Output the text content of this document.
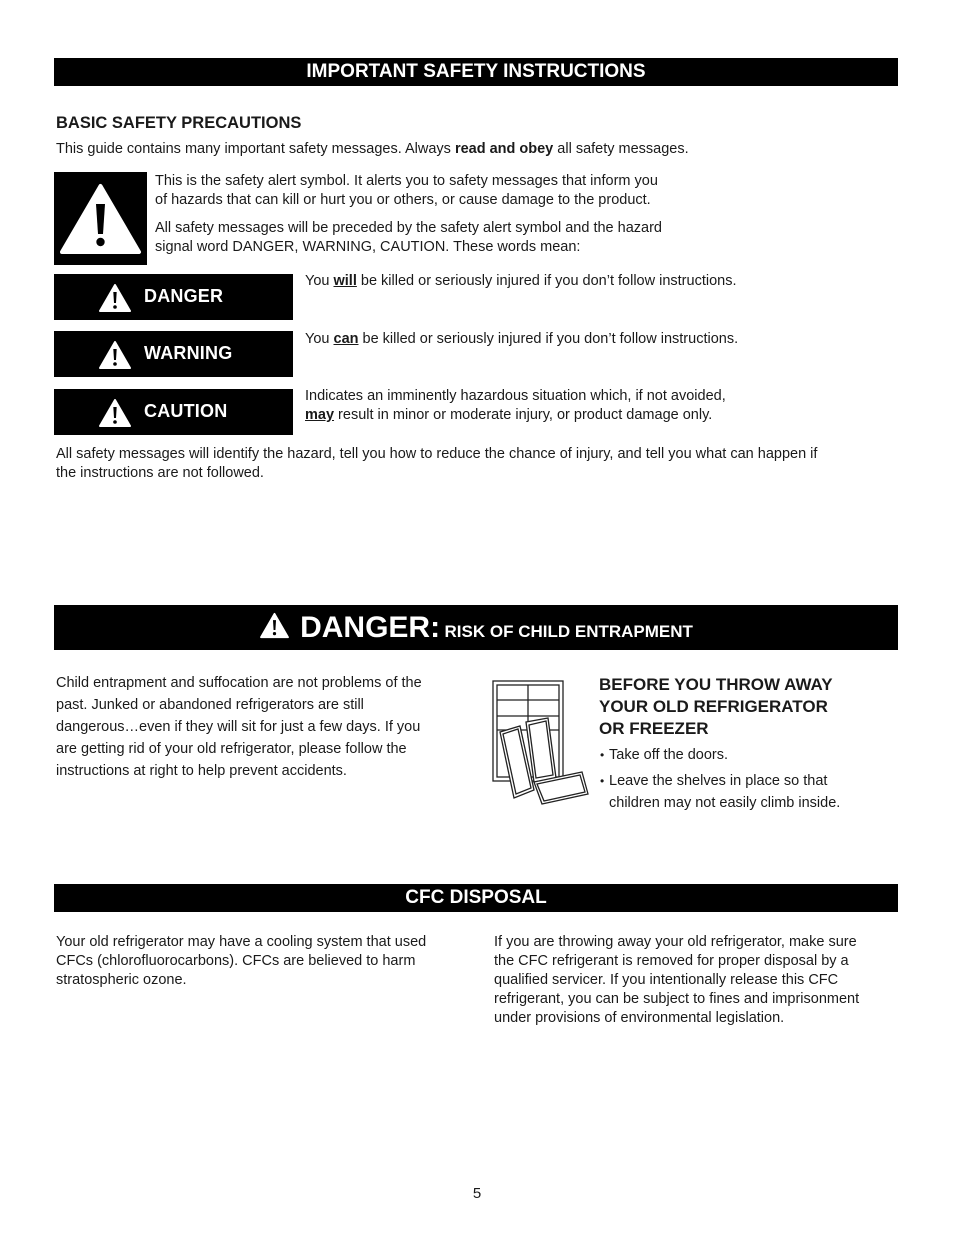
IMPORTANT SAFETY INSTRUCTIONS
BASIC SAFETY PRECAUTIONS
This guide contains many important safety messages. Always read and obey all safety messages.
This is the safety alert symbol. It alerts you to safety messages that inform you
of hazards that can kill or hurt you or others, or cause damage to the product.
All safety messages will be preceded by the safety alert symbol and the hazard
signal word DANGER, WARNING, CAUTION. These words mean:
DANGER
You will be killed or seriously injured if you don’t follow instructions.
WARNING
You can be killed or seriously injured if you don’t follow instructions.
CAUTION
Indicates an imminently hazardous situation which, if not avoided,
may result in minor or moderate injury, or product damage only.
All safety messages will identify the hazard, tell you how to reduce the chance of injury, and tell you what can happen if
the instructions are not followed.
DANGER: RISK OF CHILD ENTRAPMENT
Child entrapment and suffocation are not problems of the
past. Junked or abandoned refrigerators are still
dangerous…even if they will sit for just a few days. If you
are getting rid of your old refrigerator, please follow the
instructions at right to help prevent accidents.
BEFORE YOU THROW AWAY
YOUR OLD REFRIGERATOR
OR FREEZER
• Take off the doors.
• Leave the shelves in place so that
children may not easily climb inside.
CFC DISPOSAL
Your old refrigerator may have a cooling system that used
CFCs (chlorofluorocarbons). CFCs are believed to harm
stratospheric ozone.
If you are throwing away your old refrigerator, make sure
the CFC refrigerant is removed for proper disposal by a
qualified servicer. If you intentionally release this CFC
refrigerant, you can be subject to fines and imprisonment
under provisions of environmental legislation.
5
